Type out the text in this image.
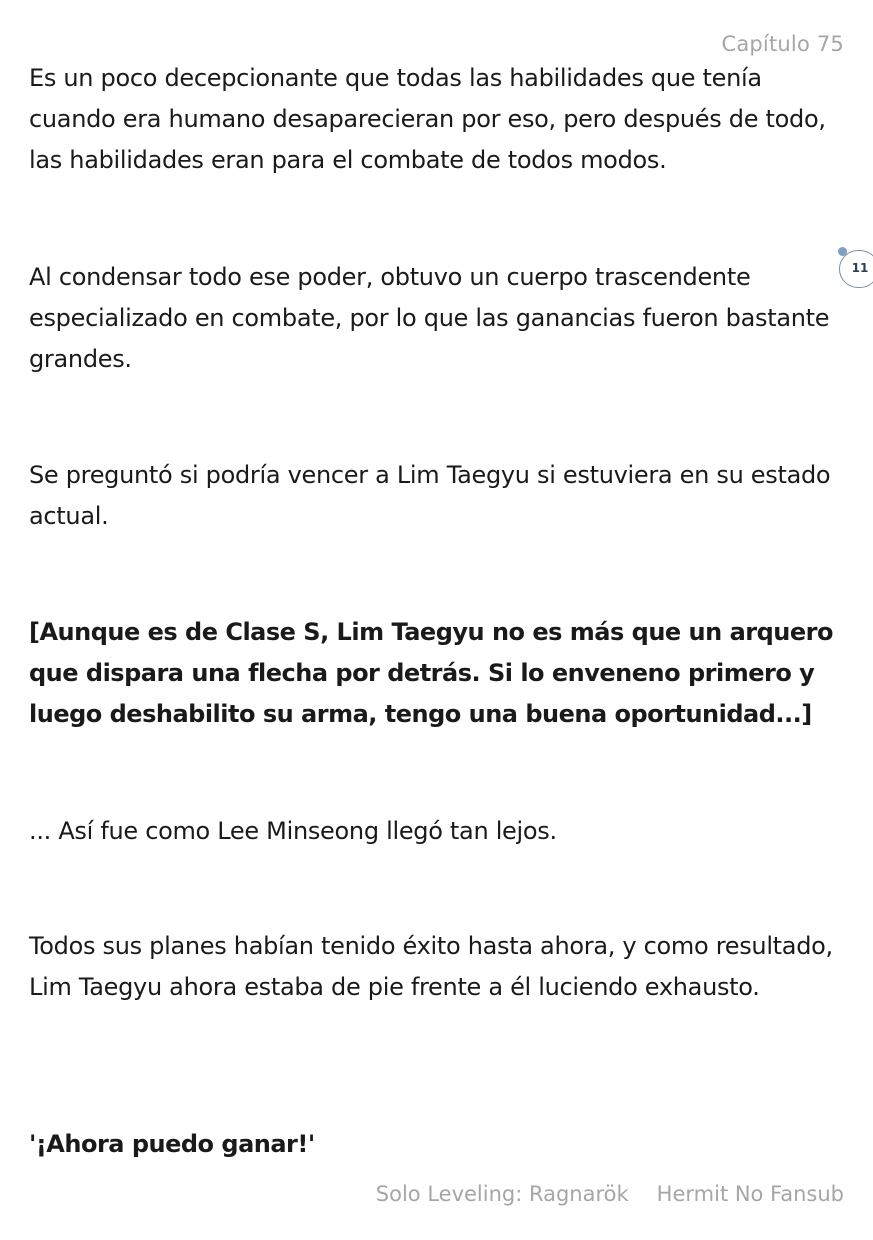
Capítulo 75
11

Es un poco decepcionante que todas las habilidades que tenía cuando era humano desaparecieran por eso, pero después de todo, las habilidades eran para el combate de todos modos.

Al condensar todo ese poder, obtuvo un cuerpo trascendente especializado en combate, por lo que las ganancias fueron bastante grandes.

Se preguntó si podría vencer a Lim Taegyu si estuviera en su estado actual.

[Aunque es de Clase S, Lim Taegyu no es más que un arquero que dispara una flecha por detrás. Si lo enveneno primero y luego deshabilito su arma, tengo una buena oportunidad...]

... Así fue como Lee Minseong llegó tan lejos.

Todos sus planes habían tenido éxito hasta ahora, y como resultado, Lim Taegyu ahora estaba de pie frente a él luciendo exhausto.

'¡Ahora puedo ganar!'

Solo Leveling: Ragnarök Hermit No Fansub
